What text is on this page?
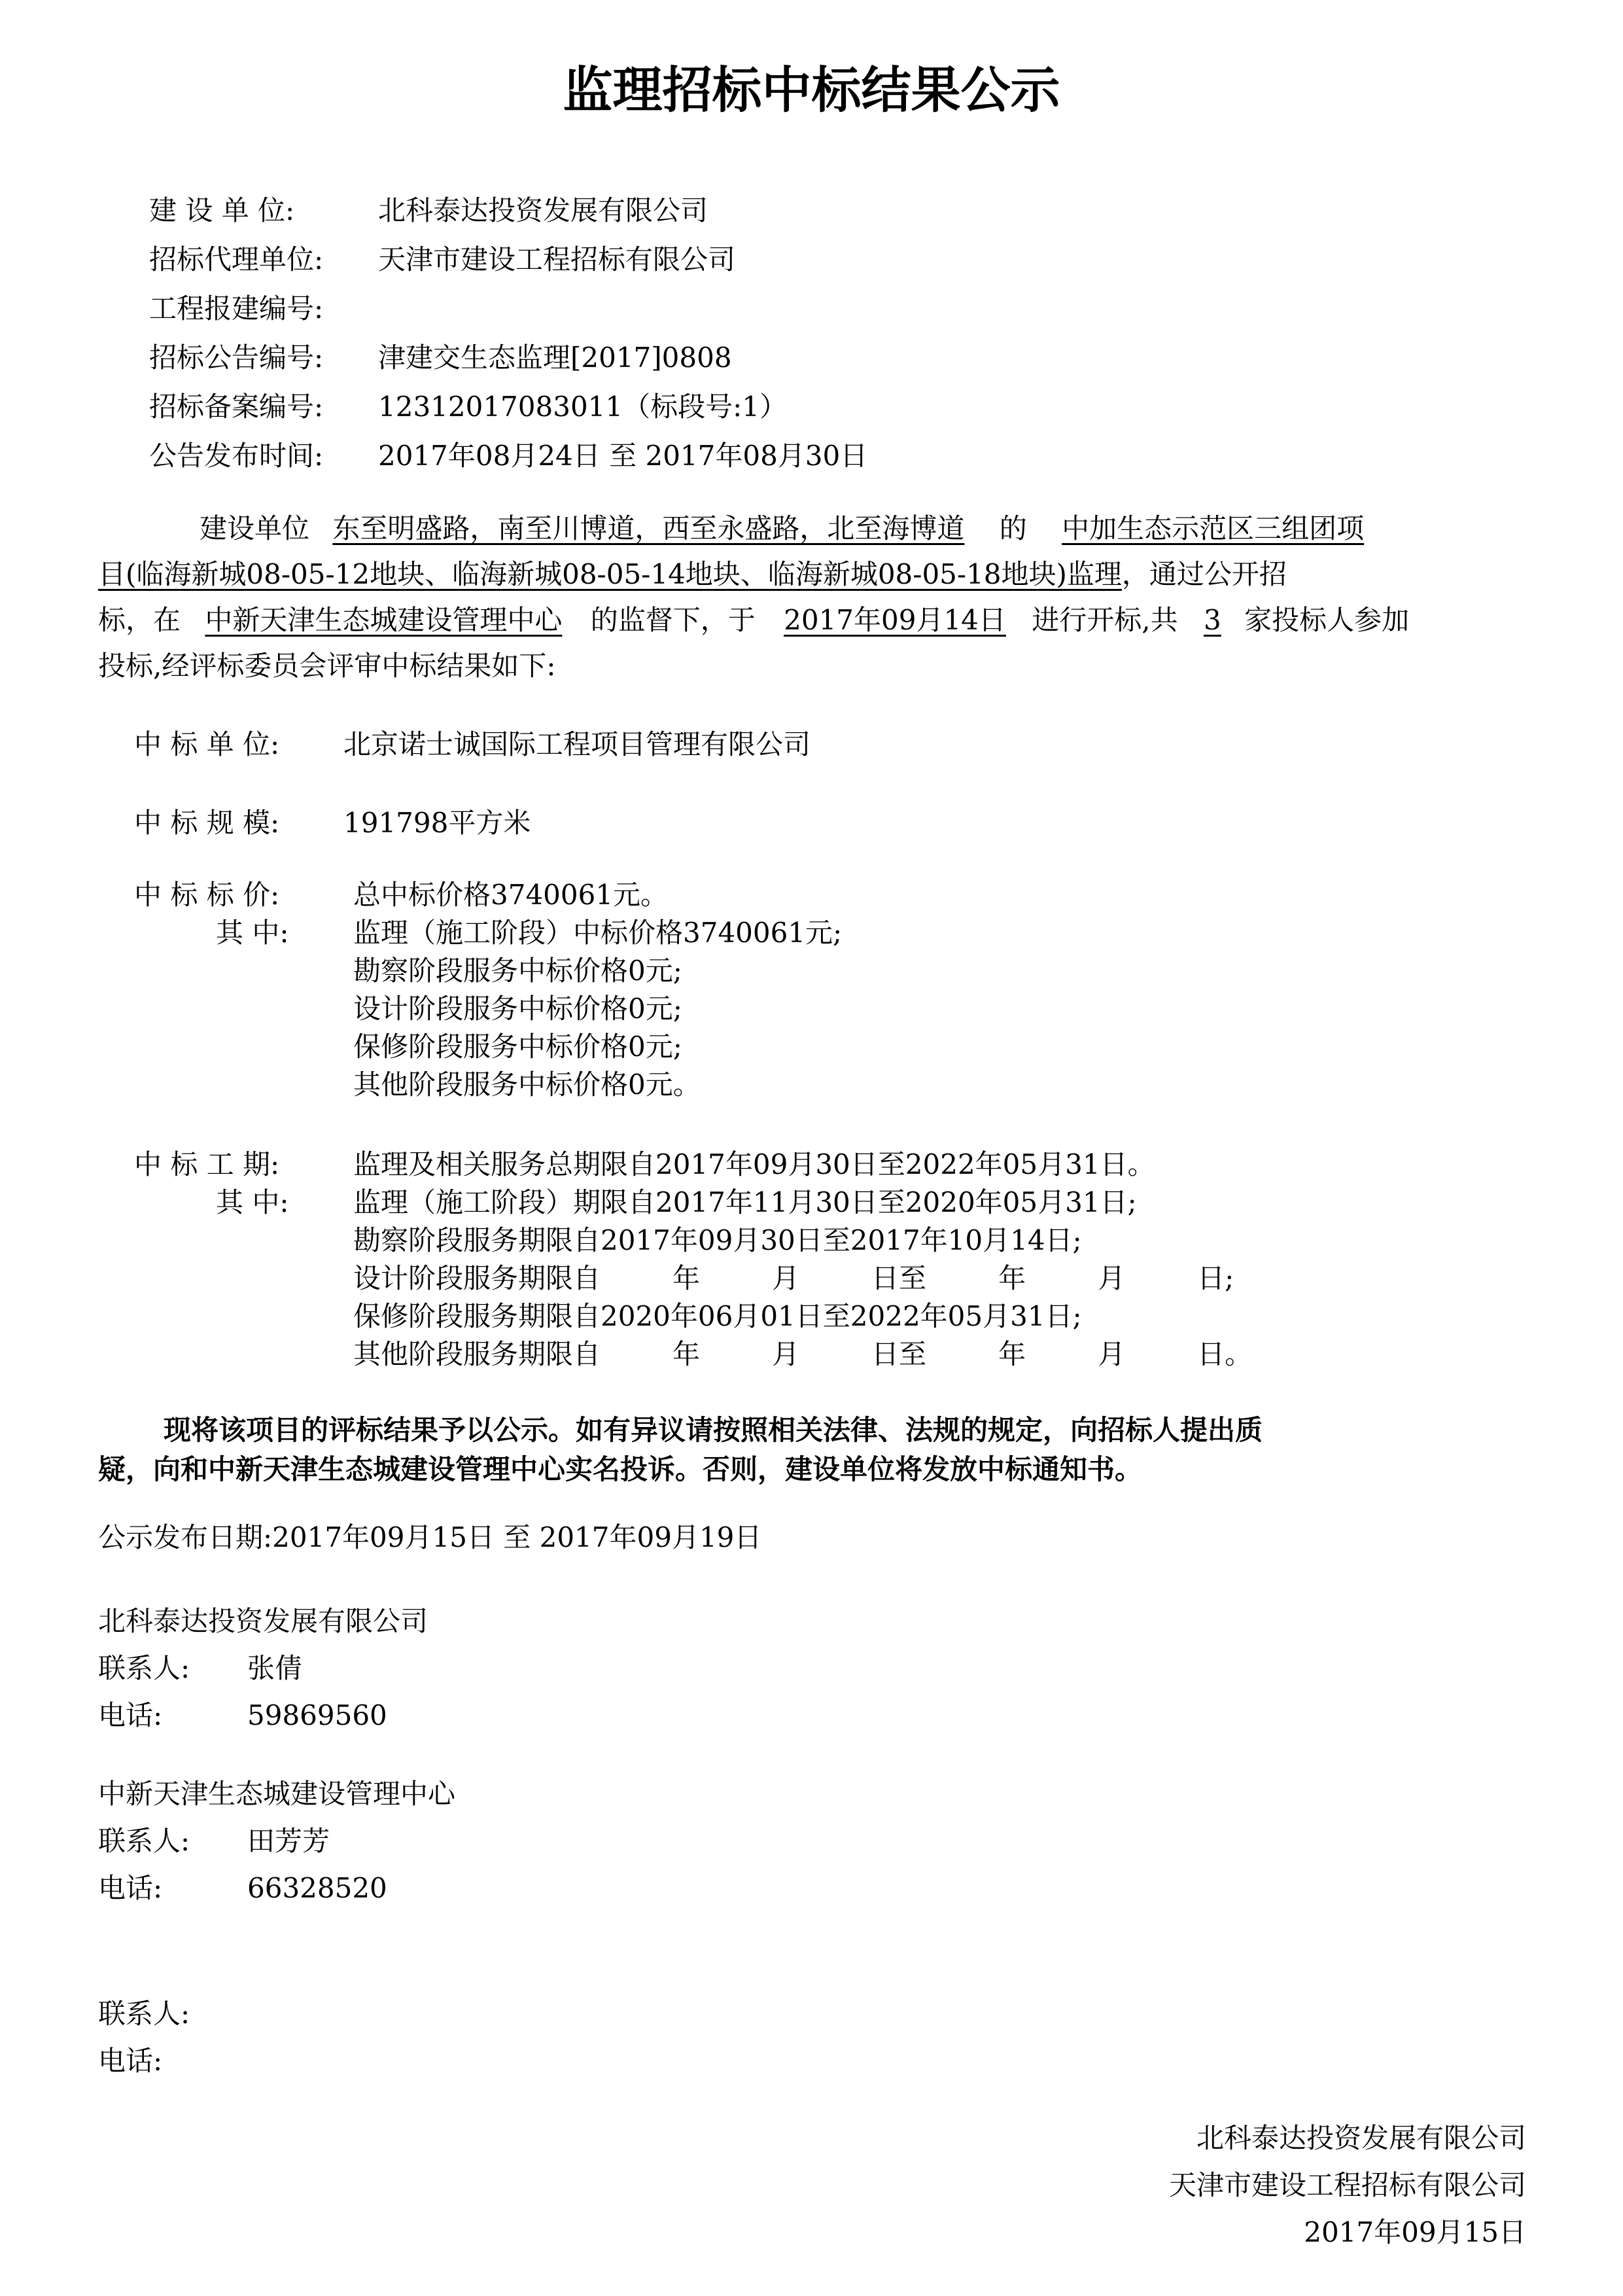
监理招标中标结果公示
建 设 单 位:	北科泰达投资发展有限公司
招标代理单位: 天津市建设工程招标有限公司
工程报建编号:
招标公告编号: 津建交生态监理[2017]0808
招标备案编号: 12312017083011（标段号:1）
公告发布时间: 2017年08月24日 至 2017年08月30日
建设单位 东至明盛路，南至川博道，西至永盛路，北至海博道 的 中加生态示范区三组团项
目(临海新城08-05-12地块、临海新城08-05-14地块、临海新城08-05-18地块)监理，通过公开招
标，在 中新天津生态城建设管理中心 的监督下，于 2017年09月14日 进行开标,共 3 家投标人参加
投标,经评标委员会评审中标结果如下:
中 标 单 位: 北京诺士诚国际工程项目管理有限公司
中 标 规 模: 191798平方米
中 标 标 价:	总中标价格3740061元。
其 中: 监理（施工阶段）中标价格3740061元;
勘察阶段服务中标价格0元;
设计阶段服务中标价格0元;
保修阶段服务中标价格0元;
其他阶段服务中标价格0元。
中 标 工 期:	监理及相关服务总期限自2017年09月30日至2022年05月31日。
其 中: 监理（施工阶段）期限自2017年11月30日至2020年05月31日;
勘察阶段服务期限自2017年09月30日至2017年10月14日;
设计阶段服务期限自	年	月	日至	年	月	日;
保修阶段服务期限自2020年06月01日至2022年05月31日;
其他阶段服务期限自	年	月	日至	年	月	日。
现将该项目的评标结果予以公示。如有异议请按照相关法律、法规的规定，向招标人提出质
疑，向和中新天津生态城建设管理中心实名投诉。否则，建设单位将发放中标通知书。
公示发布日期:2017年09月15日 至 2017年09月19日
北科泰达投资发展有限公司
联系人: 张倩
电话:	59869560
中新天津生态城建设管理中心
联系人: 田芳芳
电话:	66328520
联系人:
电话:
北科泰达投资发展有限公司
天津市建设工程招标有限公司
2017年09月15日
